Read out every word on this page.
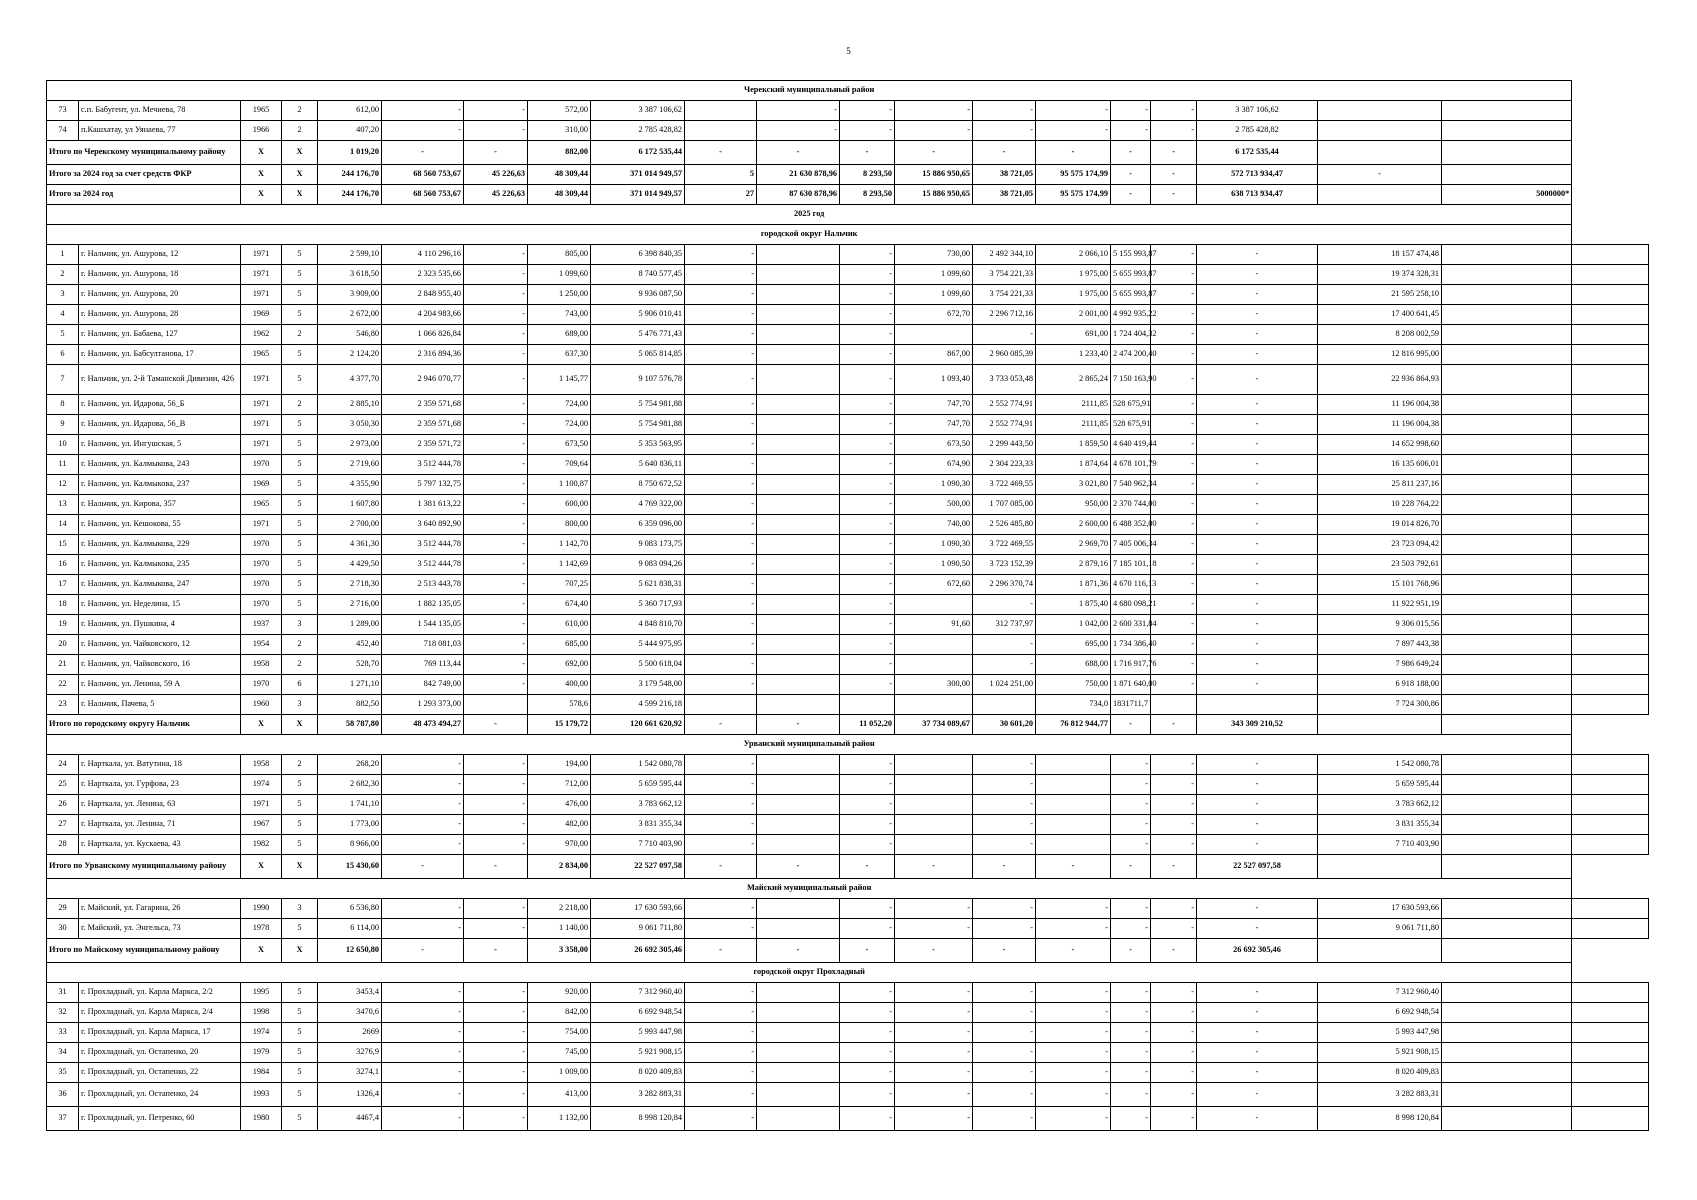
5
Черекский муниципальный район																				
73	с.п. Бабугент, ул. Мечиева, 78	1965	2	612,00	-	-	572,00	3 387 106,62		-	-	-	-	-	-	-	3 387 106,62			
74	п.Кашхатау, ул Уянаева, 77	1966	2	407,20	-	-	310,00	2 785 428,82		-	-	-	-	-	-	-	2 785 428,82			
Итого по Черекскому муниципальному району		X	X	1 019,20	-	-	882,00	6 172 535,44	-	-	-	-	-	-	-	-	6 172 535,44			
Итого за 2024 год за счет средств ФКР		X	X	244 176,70	68 560 753,67	45 226,63	48 309,44	371 014 949,57	5	21 630 878,96	8 293,50	15 886 950,65	38 721,05	95 575 174,99	-	-	572 713 934,47	-		
Итого за 2024 год		X	X	244 176,70	68 560 753,67	45 226,63	48 309,44	371 014 949,57	27	87 630 878,96	8 293,50	15 886 950,65	38 721,05	95 575 174,99	-	-	638 713 934,47		5000000*	
2025 год																				
городской округ Нальчик																				
1	г. Нальчик, ул. Ашурова, 12	1971	5	2 599,10	4 110 296,16	-	805,00	6 398 840,35	-		-	730,00	2 492 344,10	2 066,10	5 155 993,87	-	-	18 157 474,48		
2	г. Нальчик, ул. Ашурова, 18	1971	5	3 618,50	2 323 535,66	-	1 099,60	8 740 577,45	-		-	1 099,60	3 754 221,33	1 975,00	5 655 993,87	-	-	19 374 328,31		
3	г. Нальчик, ул. Ашурова, 20	1971	5	3 909,00	2 848 955,40	-	1 250,00	9 936 087,50	-		-	1 099,60	3 754 221,33	1 975,00	5 655 993,87	-	-	21 595 258,10		
4	г. Нальчик, ул. Ашурова, 28	1969	5	2 672,00	4 204 983,66	-	743,00	5 906 010,41	-		-	672,70	2 296 712,16	2 001,00	4 992 935,22	-	-	17 400 641,45		
5	г. Нальчик, ул. Бабаева, 127	1962	2	546,80	1 066 826,84	-	689,00	5 476 771,43	-		-		-	691,00	1 724 404,32	-	-	8 208 002,59		
6	г. Нальчик, ул. Бабсултанова, 17	1965	5	2 124,20	2 316 894,36	-	637,30	5 065 814,85	-		-	867,00	2 960 085,39	1 233,40	2 474 200,40	-	-	12 816 995,00		
7	г. Нальчик, ул. 2-й Таманской Дивизии, 426	1971	5	4 377,70	2 946 070,77	-	1 145,77	9 107 576,78	-		-	1 093,40	3 733 053,48	2 865,24	7 150 163,90	-	-	22 936 864,93		
8	г. Нальчик, ул. Идарова, 56_Б	1971	2	2 885,10	2 359 571,68	-	724,00	5 754 981,88	-		-	747,70	2 552 774,91	2111,85	528 675,91	-	-	11 196 004,38		
9	г. Нальчик, ул. Идарова, 56_В	1971	5	3 050,30	2 359 571,68	-	724,00	5 754 981,88	-		-	747,70	2 552 774,91	2111,85	528 675,91	-	-	11 196 004,38		
10	г. Нальчик, ул. Ингушская, 5	1971	5	2 973,00	2 359 571,72	-	673,50	5 353 563,95	-		-	673,50	2 299 443,50	1 859,50	4 640 419,44	-	-	14 652 998,60		
11	г. Нальчик, ул. Калмыкова, 243	1970	5	2 719,60	3 512 444,78	-	709,64	5 640 836,11	-		-	674,90	2 304 223,33	1 874,64	4 678 101,79	-	-	16 135 606,01		
12	г. Нальчик, ул. Калмыкова, 237	1969	5	4 355,90	5 797 132,75	-	1 100,87	8 750 672,52	-		-	1 090,30	3 722 469,55	3 021,80	7 540 962,34	-	-	25 811 237,16		
13	г. Нальчик, ул. Кирова, 357	1965	5	1 607,80	1 381 613,22	-	600,00	4 769 322,00	-		-	500,00	1 707 085,00	950,00	2 370 744,00	-	-	10 228 764,22		
14	г. Нальчик, ул. Кешокова, 55	1971	5	2 700,00	3 640 892,90	-	800,00	6 359 096,00	-		-	740,00	2 526 485,80	2 600,00	6 488 352,00	-	-	19 014 826,70		
15	г. Нальчик, ул. Калмыкова, 229	1970	5	4 361,30	3 512 444,78	-	1 142,70	9 083 173,75	-		-	1 090,30	3 722 469,55	2 969,70	7 405 006,34	-	-	23 723 094,42		
16	г. Нальчик, ул. Калмыкова, 235	1970	5	4 429,50	3 512 444,78	-	1 142,69	9 083 094,26	-		-	1 090,50	3 723 152,39	2 879,16	7 185 101,18	-	-	23 503 792,61		
17	г. Нальчик, ул. Калмыкова, 247	1970	5	2 718,30	2 513 443,78	-	707,25	5 621 838,31	-		-	672,60	2 296 370,74	1 871,36	4 670 116,13	-	-	15 101 768,96		
18	г. Нальчик, ул. Неделина, 15	1970	5	2 716,00	1 882 135,05	-	674,40	5 360 717,93	-		-		-	1 875,40	4 680 098,21	-	-	11 922 951,19		
19	г. Нальчик, ул. Пушкина, 4	1937	3	1 289,00	1 544 135,05	-	610,00	4 848 810,70	-		-	91,60	312 737,97	1 042,00	2 600 331,84	-	-	9 306 015,56		
20	г. Нальчик, ул. Чайковского, 12	1954	2	452,40	718 081,03	-	685,00	5 444 975,95	-		-		-	695,00	1 734 386,40	-	-	7 897 443,38		
21	г. Нальчик, ул. Чайковского, 16	1958	2	528,70	769 113,44	-	692,00	5 500 618,04	-		-		-	688,00	1 716 917,76	-	-	7 986 649,24		
22	г. Нальчик, ул. Ленина, 59 А	1970	6	1 271,10	842 749,00	-	400,00	3 179 548,00	-		-	300,00	1 024 251,00	750,00	1 871 640,00	-	-	6 918 188,00		
23	г. Нальчик, Пачева, 5	1960	3	882,50	1 293 373,00		578,6	4 599 216,18						734,0	1831711,7			7 724 300,86		
Итого по городскому округу Нальчик		X	X	58 787,80	48 473 494,27	-	15 179,72	120 661 620,92	-	-	11 052,20	37 734 089,67	30 601,20	76 812 944,77	-	-	343 309 210,52			
Урванский муниципальный район																				
24	г. Нарткала, ул. Ватутина, 18	1958	2	268,20	-	-	194,00	1 542 080,78	-		-		-		-	-	-	1 542 080,78		
25	г. Нарткала, ул. Гурфова, 23	1974	5	2 682,30	-	-	712,00	5 659 595,44	-		-		-		-	-	-	5 659 595,44		
26	г. Нарткала, ул. Ленина, 63	1971	5	1 741,10	-	-	476,00	3 783 662,12	-		-		-		-	-	-	3 783 662,12		
27	г. Нарткала, ул. Ленина, 71	1967	5	1 773,00	-	-	482,00	3 831 355,34	-		-		-		-	-	-	3 831 355,34		
28	г. Нарткала, ул. Кускаева, 43	1982	5	8 966,00	-	-	970,00	7 710 403,90	-		-		-		-	-	-	7 710 403,90		
Итого по Урванскому муниципальному району		X	X	15 430,60	-	-	2 834,00	22 527 097,58	-	-	-	-	-	-	-	-	22 527 097,58			
Майский муниципальный район																				
29	г. Майский, ул. Гагарина, 26	1990	3	6 536,80	-	-	2 218,00	17 630 593,66	-		-	-	-	-	-	-	-	17 630 593,66		
30	г. Майский, ул. Энгельса, 73	1978	5	6 114,00	-	-	1 140,00	9 061 711,80	-		-	-	-	-	-	-	-	9 061 711,80		
Итого по Майскому муниципальному району		X	X	12 650,80	-	-	3 358,00	26 692 305,46	-	-	-	-	-	-	-	-	26 692 305,46			
городской округ Прохладный																				
31	г. Прохладный, ул. Карла Маркса, 2/2	1995	5	3453,4	-	-	920,00	7 312 960,40	-		-	-	-	-	-	-	-	7 312 960,40		
32	г. Прохладный, ул. Карла Маркса, 2/4	1998	5	3470,6	-	-	842,00	6 692 948,54	-		-	-	-	-	-	-	-	6 692 948,54		
33	г. Прохладный, ул. Карла Маркса, 17	1974	5	2669	-	-	754,00	5 993 447,98	-		-	-	-	-	-	-	-	5 993 447,98		
34	г. Прохладный, ул. Остапенко, 20	1979	5	3276,9	-	-	745,00	5 921 908,15	-		-	-	-	-	-	-	-	5 921 908,15		
35	г. Прохладный, ул. Остапенко, 22	1984	5	3274,1	-	-	1 009,00	8 020 409,83	-		-	-	-	-	-	-	-	8 020 409,83		
36	г. Прохладный, ул. Остапенко, 24	1993	5	1326,4	-	-	413,00	3 282 883,31	-		-	-	-	-	-	-	-	3 282 883,31		
37	г. Прохладный, ул. Петренко, 60	1980	5	4467,4	-	-	1 132,00	8 998 120,84	-		-	-	-	-	-	-	-	8 998 120,84		
